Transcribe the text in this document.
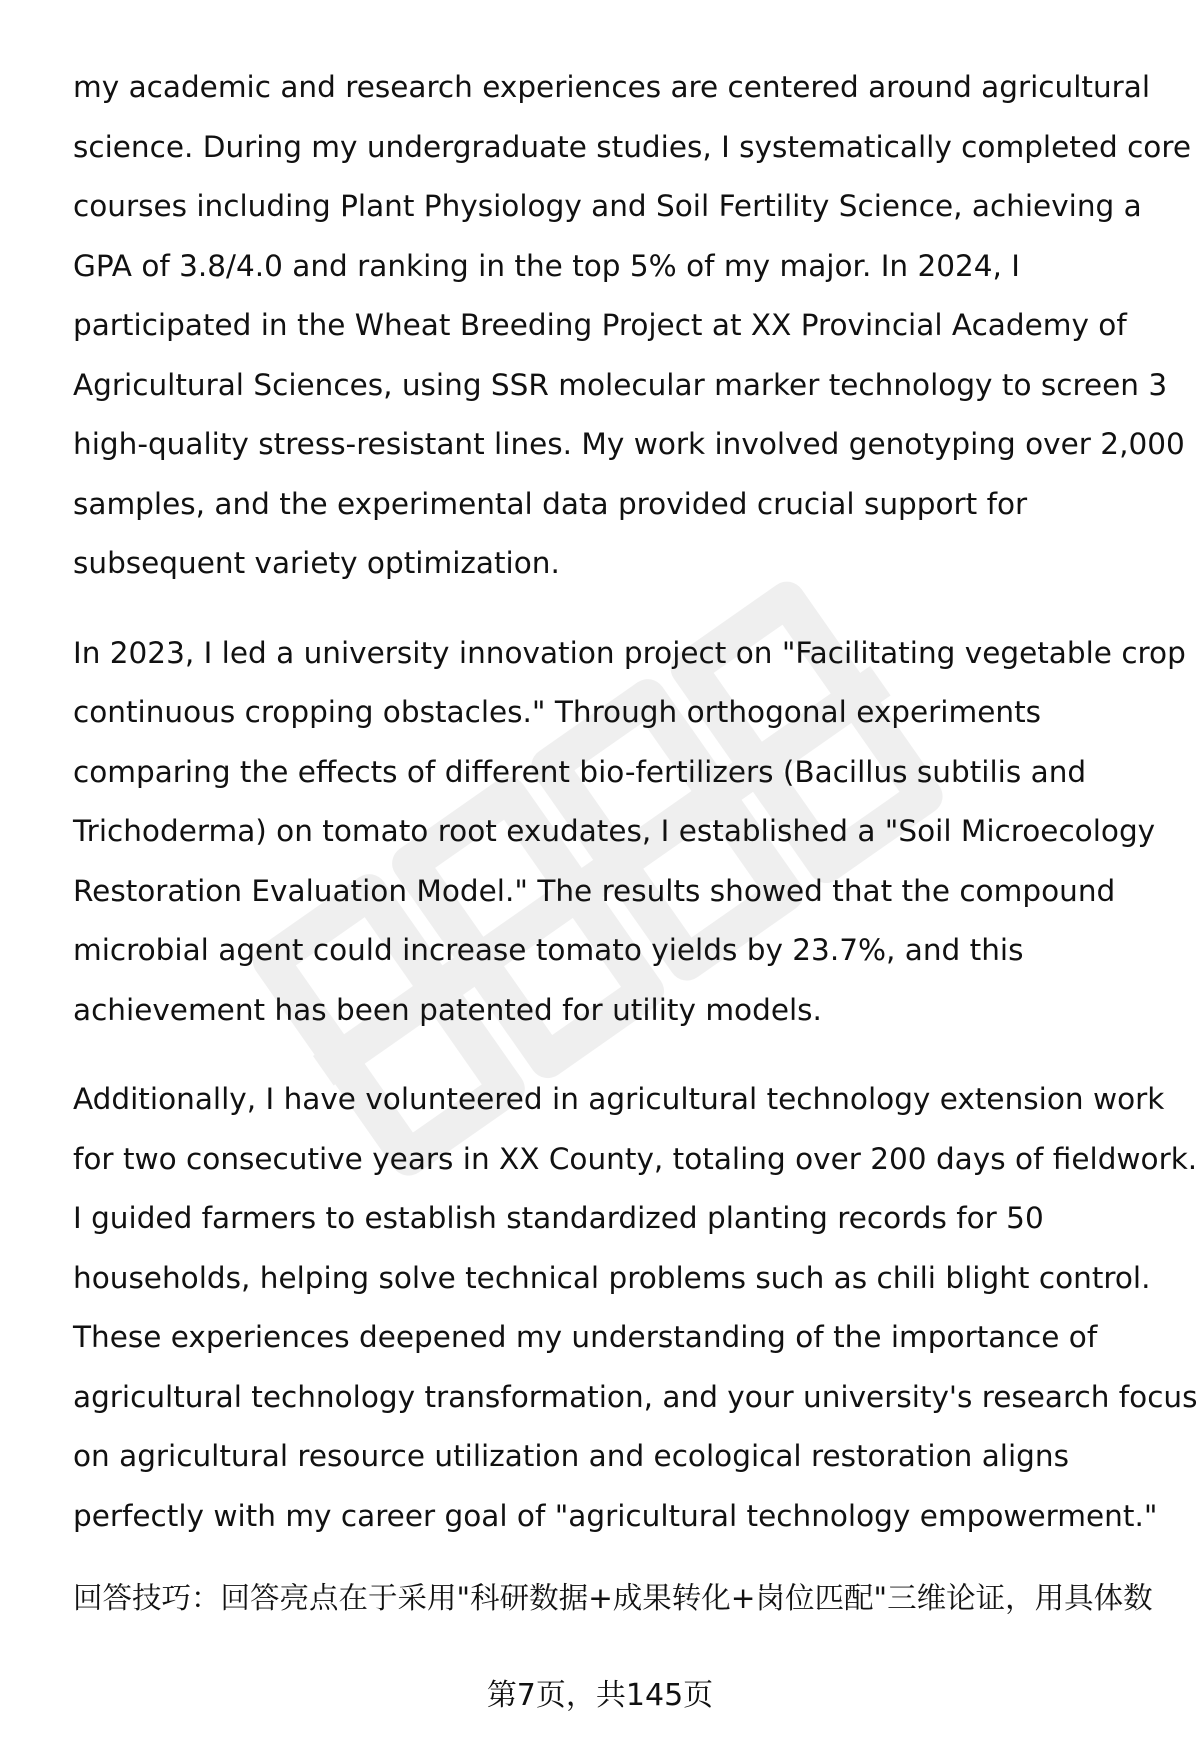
my academic and research experiences are centered around agricultural
science. During my undergraduate studies, I systematically completed core
courses including Plant Physiology and Soil Fertility Science, achieving a
GPA of 3.8/4.0 and ranking in the top 5% of my major. In 2024, I
participated in the Wheat Breeding Project at XX Provincial Academy of
Agricultural Sciences, using SSR molecular marker technology to screen 3
high-quality stress-resistant lines. My work involved genotyping over 2,000
samples, and the experimental data provided crucial support for
subsequent variety optimization.

In 2023, I led a university innovation project on "Facilitating vegetable crop
continuous cropping obstacles." Through orthogonal experiments
comparing the effects of different bio-fertilizers (Bacillus subtilis and
Trichoderma) on tomato root exudates, I established a "Soil Microecology
Restoration Evaluation Model." The results showed that the compound
microbial agent could increase tomato yields by 23.7%, and this
achievement has been patented for utility models.

Additionally, I have volunteered in agricultural technology extension work
for two consecutive years in XX County, totaling over 200 days of fieldwork.
I guided farmers to establish standardized planting records for 50
households, helping solve technical problems such as chili blight control.
These experiences deepened my understanding of the importance of
agricultural technology transformation, and your university's research focus
on agricultural resource utilization and ecological restoration aligns
perfectly with my career goal of "agricultural technology empowerment."

回答技巧：回答亮点在于采用"科研数据+成果转化+岗位匹配"三维论证，用具体数
第7页，共145页
